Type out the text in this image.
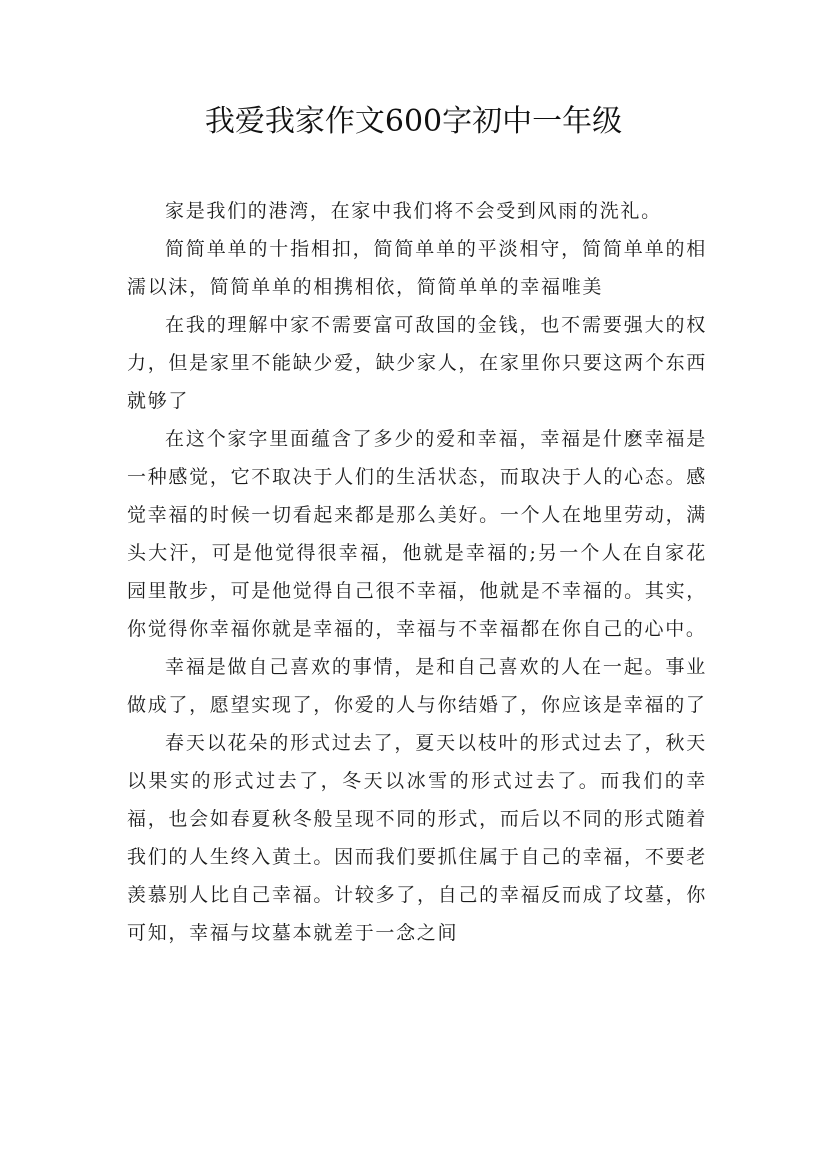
我爱我家作文600字初中一年级

家是我们的港湾，在家中我们将不会受到风雨的洗礼。

简简单单的十指相扣，简简单单的平淡相守，简简单单的相濡以沫，简简单单的相携相依，简简单单的幸福唯美

在我的理解中家不需要富可敌国的金钱，也不需要强大的权力，但是家里不能缺少爱，缺少家人，在家里你只要这两个东西就够了

在这个家字里面蕴含了多少的爱和幸福，幸福是什麽幸福是一种感觉，它不取决于人们的生活状态，而取决于人的心态。感觉幸福的时候一切看起来都是那么美好。一个人在地里劳动，满头大汗，可是他觉得很幸福，他就是幸福的;另一个人在自家花园里散步，可是他觉得自己很不幸福，他就是不幸福的。其实，你觉得你幸福你就是幸福的，幸福与不幸福都在你自己的心中。

幸福是做自己喜欢的事情，是和自己喜欢的人在一起。事业做成了，愿望实现了，你爱的人与你结婚了，你应该是幸福的了

春天以花朵的形式过去了，夏天以枝叶的形式过去了，秋天以果实的形式过去了，冬天以冰雪的形式过去了。而我们的幸福，也会如春夏秋冬般呈现不同的形式，而后以不同的形式随着我们的人生终入黄土。因而我们要抓住属于自己的幸福，不要老羡慕别人比自己幸福。计较多了，自己的幸福反而成了坟墓，你可知，幸福与坟墓本就差于一念之间
